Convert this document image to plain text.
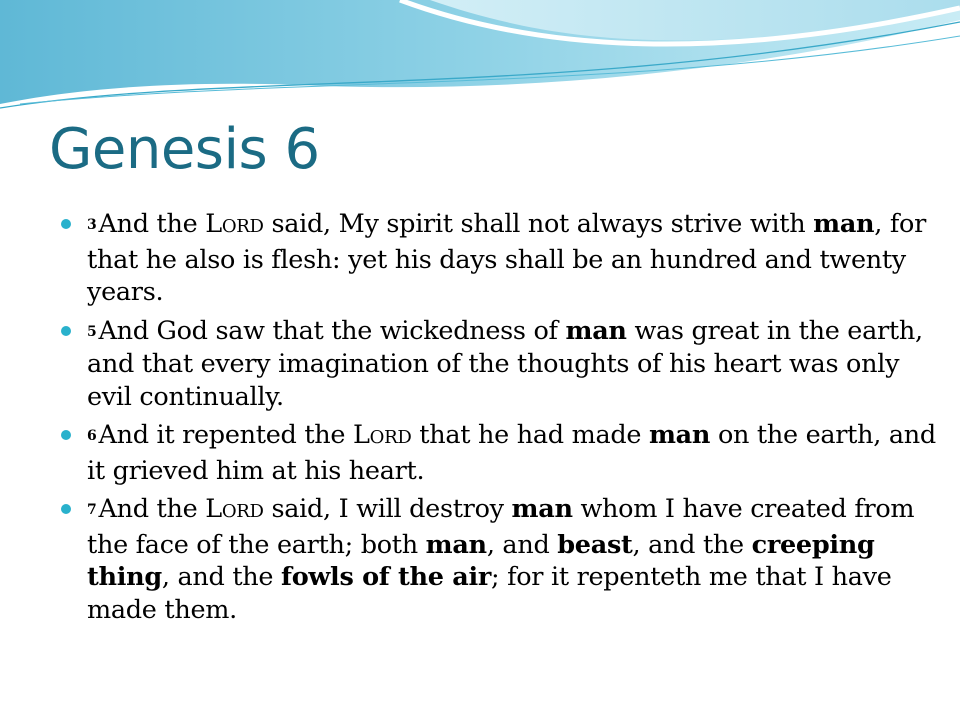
Genesis 6
3And the LORD said, My spirit shall not always strive with man, for that he also is flesh: yet his days shall be an hundred and twenty years.
5And God saw that the wickedness of man was great in the earth, and that every imagination of the thoughts of his heart was only evil continually.
6And it repented the LORD that he had made man on the earth, and it grieved him at his heart.
7And the LORD said, I will destroy man whom I have created from the face of the earth; both man, and beast, and the creeping thing, and the fowls of the air; for it repenteth me that I have made them.
